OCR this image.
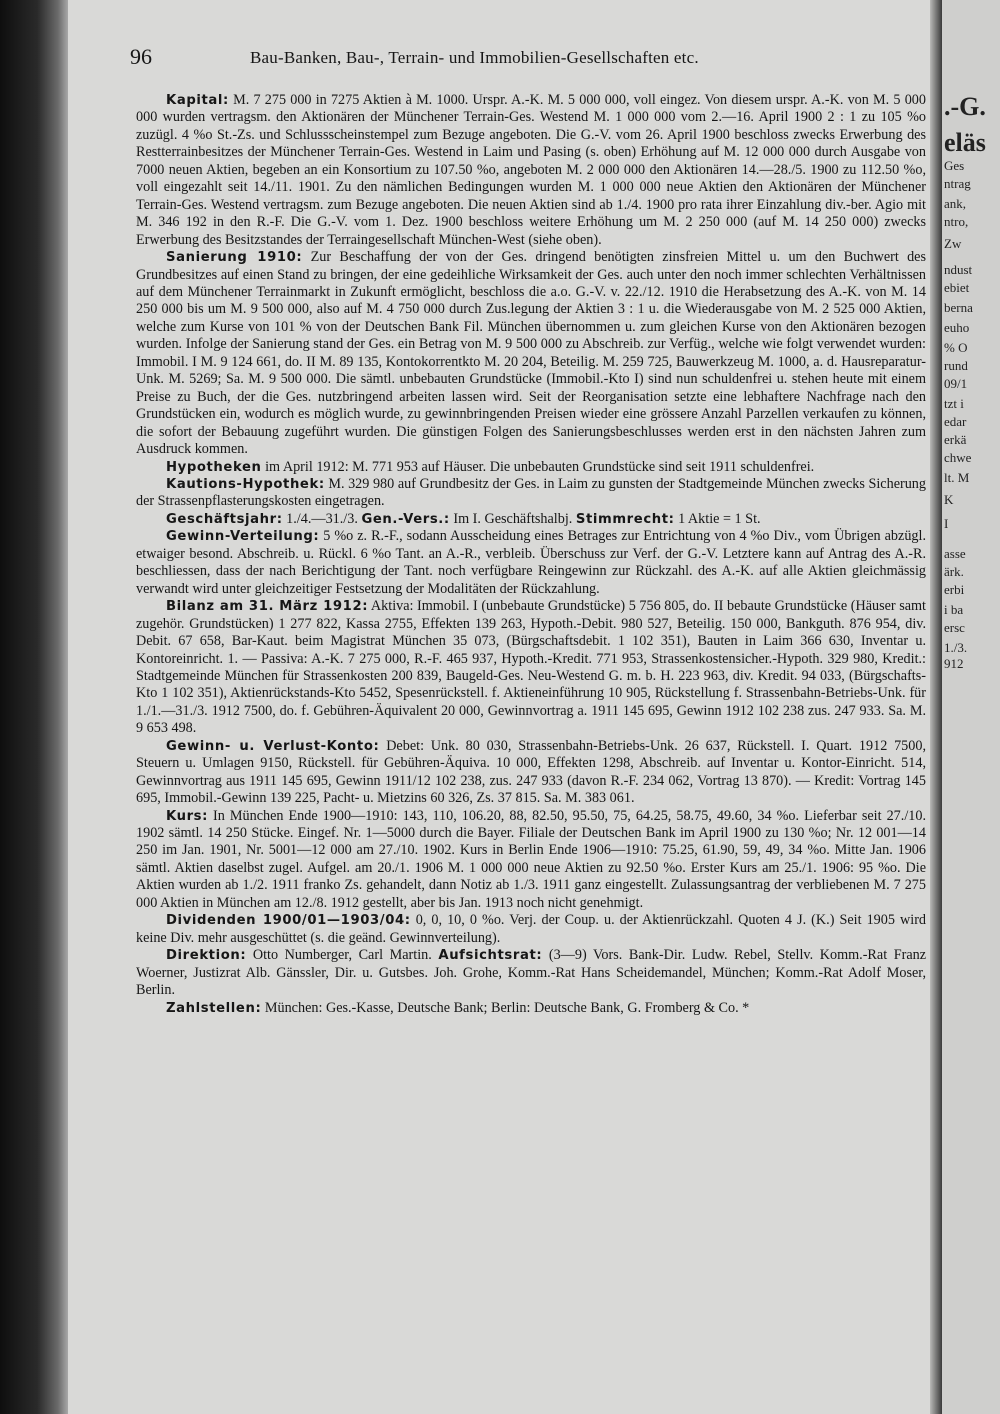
96	Bau-Banken, Bau-, Terrain- und Immobilien-Gesellschaften etc.

Kapital: M. 7 275 000 in 7275 Aktien à M. 1000. Urspr. A.-K. M. 5 000 000, voll eingez. Von diesem urspr. A.-K. von M. 5 000 000 wurden vertragsm. den Aktionären der Münchener Terrain-Ges. Westend M. 1 000 000 vom 2.—16. April 1900 2 : 1 zu 105 %o zuzügl. 4 %o St.-Zs. und Schlussscheinstempel zum Bezuge angeboten. Die G.-V. vom 26. April 1900 beschloss zwecks Erwerbung des Restterrainbesitzes der Münchener Terrain-Ges. Westend in Laim und Pasing (s. oben) Erhöhung auf M. 12 000 000 durch Ausgabe von 7000 neuen Aktien, begeben an ein Konsortium zu 107.50 %o, angeboten M. 2 000 000 den Aktionären 14.—28./5. 1900 zu 112.50 %o, voll eingezahlt seit 14./11. 1901. Zu den nämlichen Bedingungen wurden M. 1 000 000 neue Aktien den Aktionären der Münchener Terrain-Ges. Westend vertragsm. zum Bezuge angeboten. Die neuen Aktien sind ab 1./4. 1900 pro rata ihrer Einzahlung div.-ber. Agio mit M. 346 192 in den R.-F. Die G.-V. vom 1. Dez. 1900 beschloss weitere Erhöhung um M. 2 250 000 (auf M. 14 250 000) zwecks Erwerbung des Besitzstandes der Terraingesellschaft München-West (siehe oben).

Sanierung 1910: Zur Beschaffung der von der Ges. dringend benötigten zinsfreien Mittel u. um den Buchwert des Grundbesitzes auf einen Stand zu bringen, der eine gedeihliche Wirksamkeit der Ges. auch unter den noch immer schlechten Verhältnissen auf dem Münchener Terrainmarkt in Zukunft ermöglicht, beschloss die a.o. G.-V. v. 22./12. 1910 die Herabsetzung des A.-K. von M. 14 250 000 bis um M. 9 500 000, also auf M. 4 750 000 durch Zus.legung der Aktien 3 : 1 u. die Wiederausgabe von M. 2 525 000 Aktien, welche zum Kurse von 101 % von der Deutschen Bank Fil. München übernommen u. zum gleichen Kurse von den Aktionären bezogen wurden. Infolge der Sanierung stand der Ges. ein Betrag von M. 9 500 000 zu Abschreib. zur Verfüg., welche wie folgt verwendet wurden: Immobil. I M. 9 124 661, do. II M. 89 135, Kontokorrentkto M. 20 204, Beteilig. M. 259 725, Bauwerkzeug M. 1000, a. d. Hausreparatur-Unk. M. 5269; Sa. M. 9 500 000. Die sämtl. unbebauten Grundstücke (Immobil.-Kto I) sind nun schuldenfrei u. stehen heute mit einem Preise zu Buch, der die Ges. nutzbringend arbeiten lassen wird. Seit der Reorganisation setzte eine lebhaftere Nachfrage nach den Grundstücken ein, wodurch es möglich wurde, zu gewinnbringenden Preisen wieder eine grössere Anzahl Parzellen verkaufen zu können, die sofort der Bebauung zugeführt wurden. Die günstigen Folgen des Sanierungsbeschlusses werden erst in den nächsten Jahren zum Ausdruck kommen.

Hypotheken im April 1912: M. 771 953 auf Häuser. Die unbebauten Grundstücke sind seit 1911 schuldenfrei.

Kautions-Hypothek: M. 329 980 auf Grundbesitz der Ges. in Laim zu gunsten der Stadtgemeinde München zwecks Sicherung der Strassenpflasterungskosten eingetragen.

Geschäftsjahr: 1./4.—31./3. Gen.-Vers.: Im I. Geschäftshalbj. Stimmrecht: 1 Aktie = 1 St.

Gewinn-Verteilung: 5 %o z. R.-F., sodann Ausscheidung eines Betrages zur Entrichtung von 4 %o Div., vom Übrigen abzügl. etwaiger besond. Abschreib. u. Rückl. 6 %o Tant. an A.-R., verbleib. Überschuss zur Verf. der G.-V. Letztere kann auf Antrag des A.-R. beschliessen, dass der nach Berichtigung der Tant. noch verfügbare Reingewinn zur Rückzahl. des A.-K. auf alle Aktien gleichmässig verwandt wird unter gleichzeitiger Festsetzung der Modalitäten der Rückzahlung.

Bilanz am 31. März 1912: Aktiva: Immobil. I (unbebaute Grundstücke) 5 756 805, do. II bebaute Grundstücke (Häuser samt zugehör. Grundstücken) 1 277 822, Kassa 2755, Effekten 139 263, Hypoth.-Debit. 980 527, Beteilig. 150 000, Bankguth. 876 954, div. Debit. 67 658, Bar-Kaut. beim Magistrat München 35 073, (Bürgschaftsdebit. 1 102 351), Bauten in Laim 366 630, Inventar u. Kontoreinricht. 1. — Passiva: A.-K. 7 275 000, R.-F. 465 937, Hypoth.-Kredit. 771 953, Strassenkostensicher.-Hypoth. 329 980, Kredit.: Stadtgemeinde München für Strassenkosten 200 839, Baugeld-Ges. Neu-Westend G. m. b. H. 223 963, div. Kredit. 94 033, (Bürgschafts-Kto 1 102 351), Aktienrückstands-Kto 5452, Spesenrückstell. f. Aktieneinführung 10 905, Rückstellung f. Strassenbahn-Betriebs-Unk. für 1./1.—31./3. 1912 7500, do. f. Gebühren-Äquivalent 20 000, Gewinnvortrag a. 1911 145 695, Gewinn 1912 102 238 zus. 247 933. Sa. M. 9 653 498.

Gewinn- u. Verlust-Konto: Debet: Unk. 80 030, Strassenbahn-Betriebs-Unk. 26 637, Rückstell. I. Quart. 1912 7500, Steuern u. Umlagen 9150, Rückstell. für Gebühren-Äquiva. 10 000, Effekten 1298, Abschreib. auf Inventar u. Kontor-Einricht. 514, Gewinnvortrag aus 1911 145 695, Gewinn 1911/12 102 238, zus. 247 933 (davon R.-F. 234 062, Vortrag 13 870). — Kredit: Vortrag 145 695, Immobil.-Gewinn 139 225, Pacht- u. Mietzins 60 326, Zs. 37 815. Sa. M. 383 061.

Kurs: In München Ende 1900—1910: 143, 110, 106.20, 88, 82.50, 95.50, 75, 64.25, 58.75, 49.60, 34 %o. Lieferbar seit 27./10. 1902 sämtl. 14 250 Stücke. Eingef. Nr. 1—5000 durch die Bayer. Filiale der Deutschen Bank im April 1900 zu 130 %o; Nr. 12 001—14 250 im Jan. 1901, Nr. 5001—12 000 am 27./10. 1902. Kurs in Berlin Ende 1906—1910: 75.25, 61.90, 59, 49, 34 %o. Mitte Jan. 1906 sämtl. Aktien daselbst zugel. Aufgel. am 20./1. 1906 M. 1 000 000 neue Aktien zu 92.50 %o. Erster Kurs am 25./1. 1906: 95 %o. Die Aktien wurden ab 1./2. 1911 franko Zs. gehandelt, dann Notiz ab 1./3. 1911 ganz eingestellt. Zulassungsantrag der verbliebenen M. 7 275 000 Aktien in München am 12./8. 1912 gestellt, aber bis Jan. 1913 noch nicht genehmigt.

Dividenden 1900/01—1903/04: 0, 0, 10, 0 %o. Verj. der Coup. u. der Aktienrückzahl. Quoten 4 J. (K.) Seit 1905 wird keine Div. mehr ausgeschüttet (s. die geänd. Gewinnverteilung).

Direktion: Otto Numberger, Carl Martin. Aufsichtsrat: (3—9) Vors. Bank-Dir. Ludw. Rebel, Stellv. Komm.-Rat Franz Woerner, Justizrat Alb. Gänssler, Dir. u. Gutsbes. Joh. Grohe, Komm.-Rat Hans Scheidemandel, München; Komm.-Rat Adolf Moser, Berlin.

Zahlstellen: München: Ges.-Kasse, Deutsche Bank; Berlin: Deutsche Bank, G. Fromberg & Co. *

.-G.
eläs
Ges
ntrag
ank,
ntro,
Zw
ndust
ebiet
berna
euho
% O
rund
09/1
tzt i
edar
erkä
chwe
lt. M
K
I
asse
ärk.
erbi
i ba
ersc
1./3.
912
